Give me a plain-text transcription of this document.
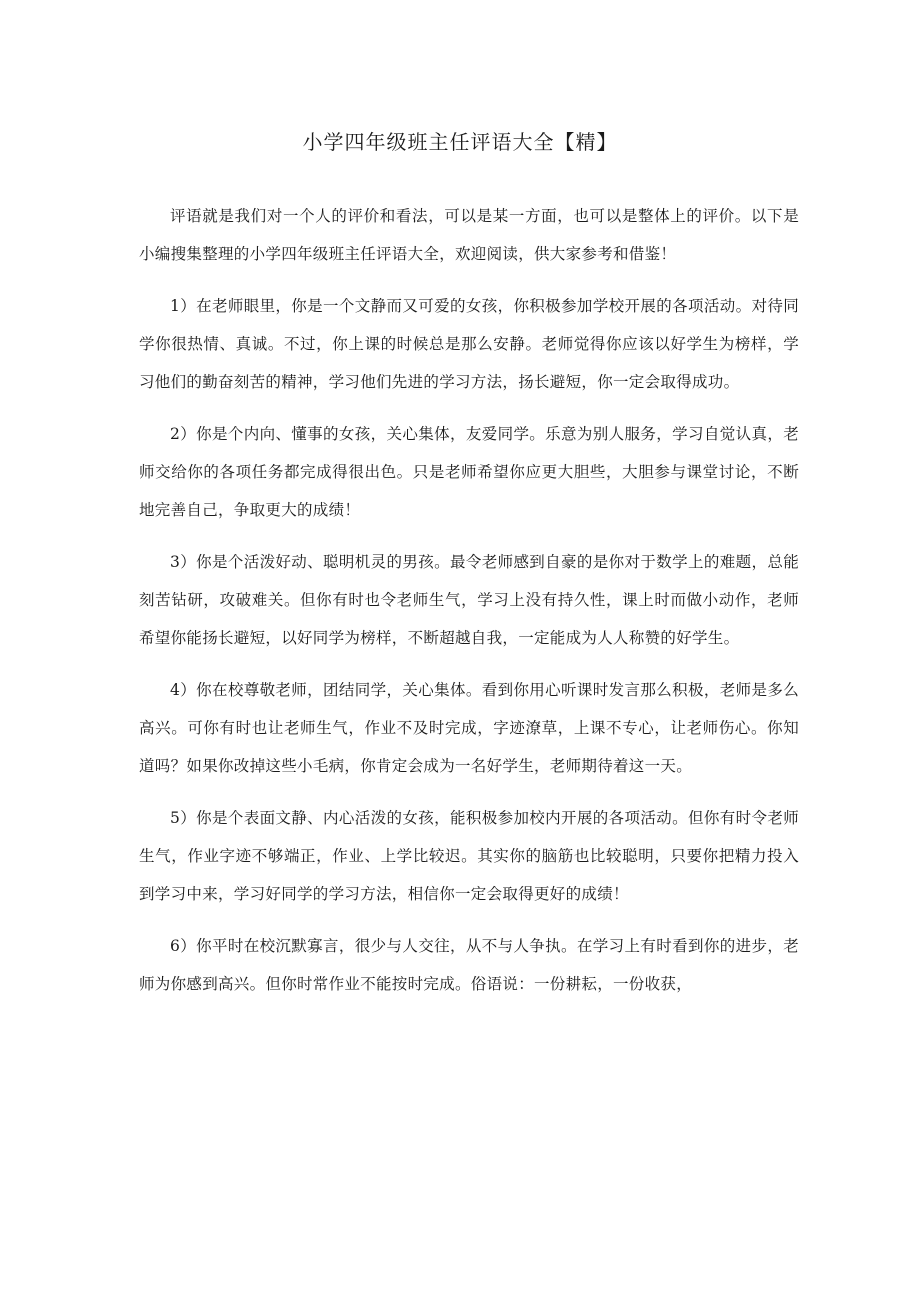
小学四年级班主任评语大全【精】

评语就是我们对一个人的评价和看法，可以是某一方面，也可以是整体上的评价。以下是小编搜集整理的小学四年级班主任评语大全，欢迎阅读，供大家参考和借鉴！

1）在老师眼里，你是一个文静而又可爱的女孩，你积极参加学校开展的各项活动。对待同学你很热情、真诚。不过，你上课的时候总是那么安静。老师觉得你应该以好学生为榜样，学习他们的勤奋刻苦的精神，学习他们先进的学习方法，扬长避短，你一定会取得成功。

2）你是个内向、懂事的女孩，关心集体，友爱同学。乐意为别人服务，学习自觉认真，老师交给你的各项任务都完成得很出色。只是老师希望你应更大胆些，大胆参与课堂讨论，不断地完善自己，争取更大的成绩！

3）你是个活泼好动、聪明机灵的男孩。最令老师感到自豪的是你对于数学上的难题，总能刻苦钻研，攻破难关。但你有时也令老师生气，学习上没有持久性，课上时而做小动作，老师希望你能扬长避短，以好同学为榜样，不断超越自我，一定能成为人人称赞的好学生。

4）你在校尊敬老师，团结同学，关心集体。看到你用心听课时发言那么积极，老师是多么高兴。可你有时也让老师生气，作业不及时完成，字迹潦草，上课不专心，让老师伤心。你知道吗？如果你改掉这些小毛病，你肯定会成为一名好学生，老师期待着这一天。

5）你是个表面文静、内心活泼的女孩，能积极参加校内开展的各项活动。但你有时令老师生气，作业字迹不够端正，作业、上学比较迟。其实你的脑筋也比较聪明，只要你把精力投入到学习中来，学习好同学的学习方法，相信你一定会取得更好的成绩！

6）你平时在校沉默寡言，很少与人交往，从不与人争执。在学习上有时看到你的进步，老师为你感到高兴。但你时常作业不能按时完成。俗语说：一份耕耘，一份收获，
